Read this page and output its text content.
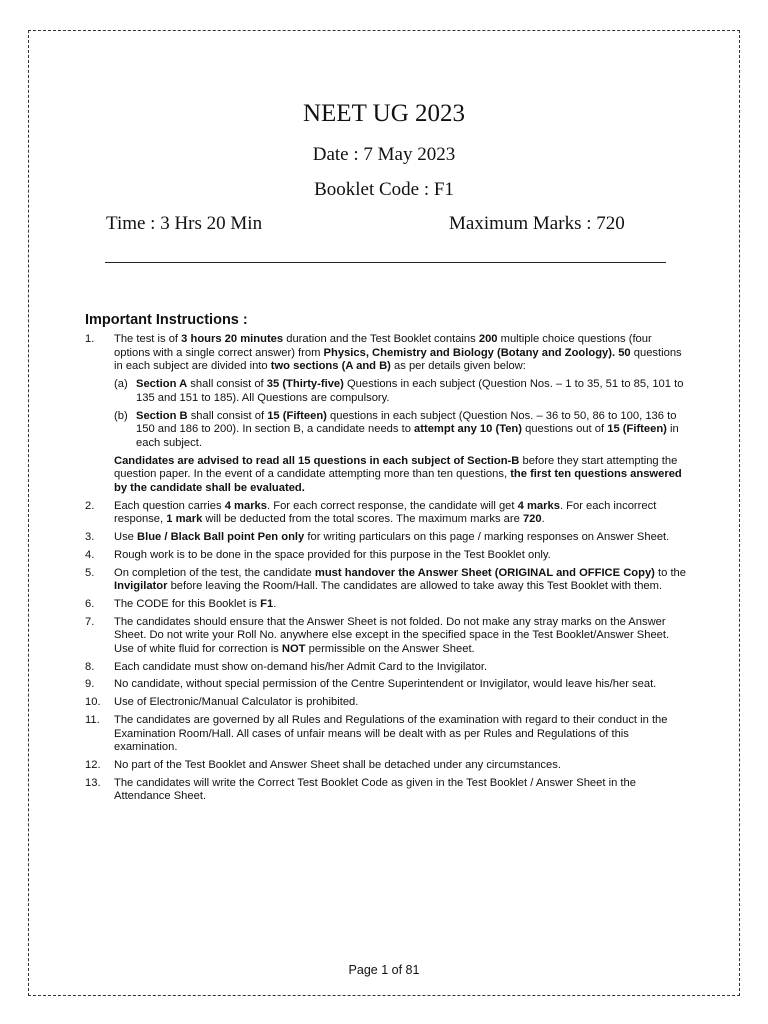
NEET UG 2023
Date : 7 May 2023
Booklet Code : F1
Time : 3 Hrs 20 Min	Maximum Marks : 720
Important Instructions :
1. The test is of 3 hours 20 minutes duration and the Test Booklet contains 200 multiple choice questions (four options with a single correct answer) from Physics, Chemistry and Biology (Botany and Zoology). 50 questions in each subject are divided into two sections (A and B) as per details given below:
(a) Section A shall consist of 35 (Thirty-five) Questions in each subject (Question Nos. – 1 to 35, 51 to 85, 101 to 135 and 151 to 185). All Questions are compulsory.
(b) Section B shall consist of 15 (Fifteen) questions in each subject (Question Nos. – 36 to 50, 86 to 100, 136 to 150 and 186 to 200). In section B, a candidate needs to attempt any 10 (Ten) questions out of 15 (Fifteen) in each subject.
Candidates are advised to read all 15 questions in each subject of Section-B before they start attempting the question paper. In the event of a candidate attempting more than ten questions, the first ten questions answered by the candidate shall be evaluated.
2. Each question carries 4 marks. For each correct response, the candidate will get 4 marks. For each incorrect response, 1 mark will be deducted from the total scores. The maximum marks are 720.
3. Use Blue / Black Ball point Pen only for writing particulars on this page / marking responses on Answer Sheet.
4. Rough work is to be done in the space provided for this purpose in the Test Booklet only.
5. On completion of the test, the candidate must handover the Answer Sheet (ORIGINAL and OFFICE Copy) to the Invigilator before leaving the Room/Hall. The candidates are allowed to take away this Test Booklet with them.
6. The CODE for this Booklet is F1.
7. The candidates should ensure that the Answer Sheet is not folded. Do not make any stray marks on the Answer Sheet. Do not write your Roll No. anywhere else except in the specified space in the Test Booklet/Answer Sheet. Use of white fluid for correction is NOT permissible on the Answer Sheet.
8. Each candidate must show on-demand his/her Admit Card to the Invigilator.
9. No candidate, without special permission of the Centre Superintendent or Invigilator, would leave his/her seat.
10. Use of Electronic/Manual Calculator is prohibited.
11. The candidates are governed by all Rules and Regulations of the examination with regard to their conduct in the Examination Room/Hall. All cases of unfair means will be dealt with as per Rules and Regulations of this examination.
12. No part of the Test Booklet and Answer Sheet shall be detached under any circumstances.
13. The candidates will write the Correct Test Booklet Code as given in the Test Booklet / Answer Sheet in the Attendance Sheet.
Page 1 of 81
